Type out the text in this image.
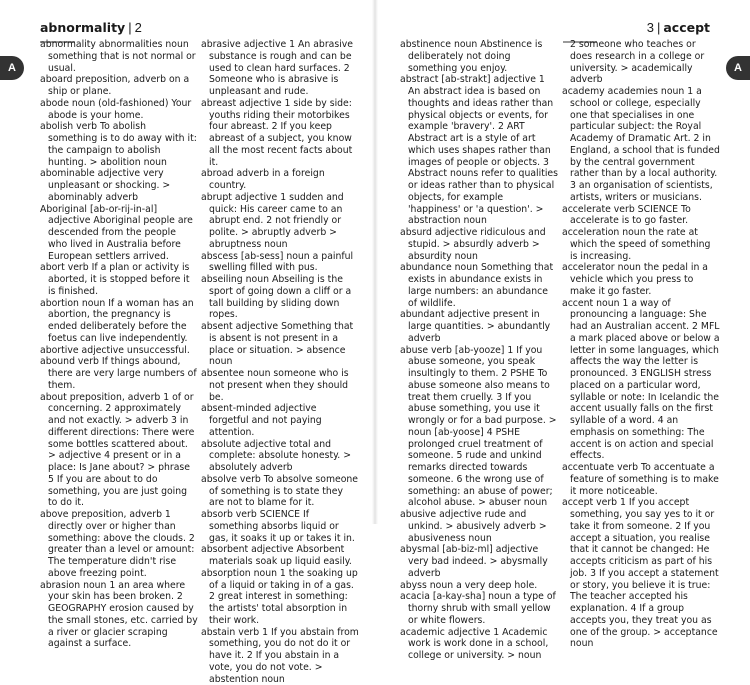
abnormality | 2
A

abnormality abnormalities noun something that is not normal or usual.

aboard preposition, adverb on a ship or plane.

abode noun (old-fashioned) Your abode is your home.

abolish verb To abolish something is to do away with it: the campaign to abolish hunting. > abolition noun

abominable adjective very unpleasant or shocking. > abominably adverb

Aboriginal [ab-or-rij-in-al] adjective Aboriginal people are descended from the people who lived in Australia before European settlers arrived.

abort verb If a plan or activity is aborted, it is stopped before it is finished.

abortion noun If a woman has an abortion, the pregnancy is ended deliberately before the foetus can live independently.

abortive adjective unsuccessful.

abound verb If things abound, there are very large numbers of them.

about preposition, adverb 1 of or concerning. 2 approximately and not exactly. > adverb 3 in different directions: There were some bottles scattered about. > adjective 4 present or in a place: Is Jane about? > phrase 5 If you are about to do something, you are just going to do it.

above preposition, adverb 1 directly over or higher than something: above the clouds. 2 greater than a level or amount: The temperature didn't rise above freezing point.

abrasion noun 1 an area where your skin has been broken. 2 GEOGRAPHY erosion caused by the small stones, etc. carried by a river or glacier scraping against a surface.

abrasive adjective 1 An abrasive substance is rough and can be used to clean hard surfaces. 2 Someone who is abrasive is unpleasant and rude.

abreast adjective 1 side by side: youths riding their motorbikes four abreast. 2 If you keep abreast of a subject, you know all the most recent facts about it.

abroad adverb in a foreign country.

abrupt adjective 1 sudden and quick: His career came to an abrupt end. 2 not friendly or polite. > abruptly adverb > abruptness noun

abscess [ab-sess] noun a painful swelling filled with pus.

abseiling noun Abseiling is the sport of going down a cliff or a tall building by sliding down ropes.

absent adjective Something that is absent is not present in a place or situation. > absence noun

absentee noun someone who is not present when they should be.

absent-minded adjective forgetful and not paying attention.

absolute adjective total and complete: absolute honesty. > absolutely adverb

absolve verb To absolve someone of something is to state they are not to blame for it.

absorb verb SCIENCE If something absorbs liquid or gas, it soaks it up or takes it in.

absorbent adjective Absorbent materials soak up liquid easily.

absorption noun 1 the soaking up of a liquid or taking in of a gas. 2 great interest in something: the artists' total absorption in their work.

abstain verb 1 If you abstain from something, you do not do it or have it. 2 If you abstain in a vote, you do not vote. > abstention noun

3 | accept
A

abstinence noun Abstinence is deliberately not doing something you enjoy.

abstract [ab-strakt] adjective 1 An abstract idea is based on thoughts and ideas rather than physical objects or events, for example 'bravery'. 2 ART Abstract art is a style of art which uses shapes rather than images of people or objects. 3 Abstract nouns refer to qualities or ideas rather than to physical objects, for example 'happiness' or 'a question'. > abstraction noun

absurd adjective ridiculous and stupid. > absurdly adverb > absurdity noun

abundance noun Something that exists in abundance exists in large numbers: an abundance of wildlife.

abundant adjective present in large quantities. > abundantly adverb

abuse verb [ab-yooze] 1 If you abuse someone, you speak insultingly to them. 2 PSHE To abuse someone also means to treat them cruelly. 3 If you abuse something, you use it wrongly or for a bad purpose. > noun [ab-yoose] 4 PSHE prolonged cruel treatment of someone. 5 rude and unkind remarks directed towards someone. 6 the wrong use of something: an abuse of power; alcohol abuse. > abuser noun

abusive adjective rude and unkind. > abusively adverb > abusiveness noun

abysmal [ab-biz-ml] adjective very bad indeed. > abysmally adverb

abyss noun a very deep hole.

acacia [a-kay-sha] noun a type of thorny shrub with small yellow or white flowers.

academic adjective 1 Academic work is work done in a school, college or university. > noun

2 someone who teaches or does research in a college or university. > academically adverb

academy academies noun 1 a school or college, especially one that specialises in one particular subject: the Royal Academy of Dramatic Art. 2 in England, a school that is funded by the central government rather than by a local authority. 3 an organisation of scientists, artists, writers or musicians.

accelerate verb SCIENCE To accelerate is to go faster.

acceleration noun the rate at which the speed of something is increasing.

accelerator noun the pedal in a vehicle which you press to make it go faster.

accent noun 1 a way of pronouncing a language: She had an Australian accent. 2 MFL a mark placed above or below a letter in some languages, which affects the way the letter is pronounced. 3 ENGLISH stress placed on a particular word, syllable or note: In Icelandic the accent usually falls on the first syllable of a word. 4 an emphasis on something: The accent is on action and special effects.

accentuate verb To accentuate a feature of something is to make it more noticeable.

accept verb 1 If you accept something, you say yes to it or take it from someone. 2 If you accept a situation, you realise that it cannot be changed: He accepts criticism as part of his job. 3 If you accept a statement or story, you believe it is true: The teacher accepted his explanation. 4 If a group accepts you, they treat you as one of the group. > acceptance noun
